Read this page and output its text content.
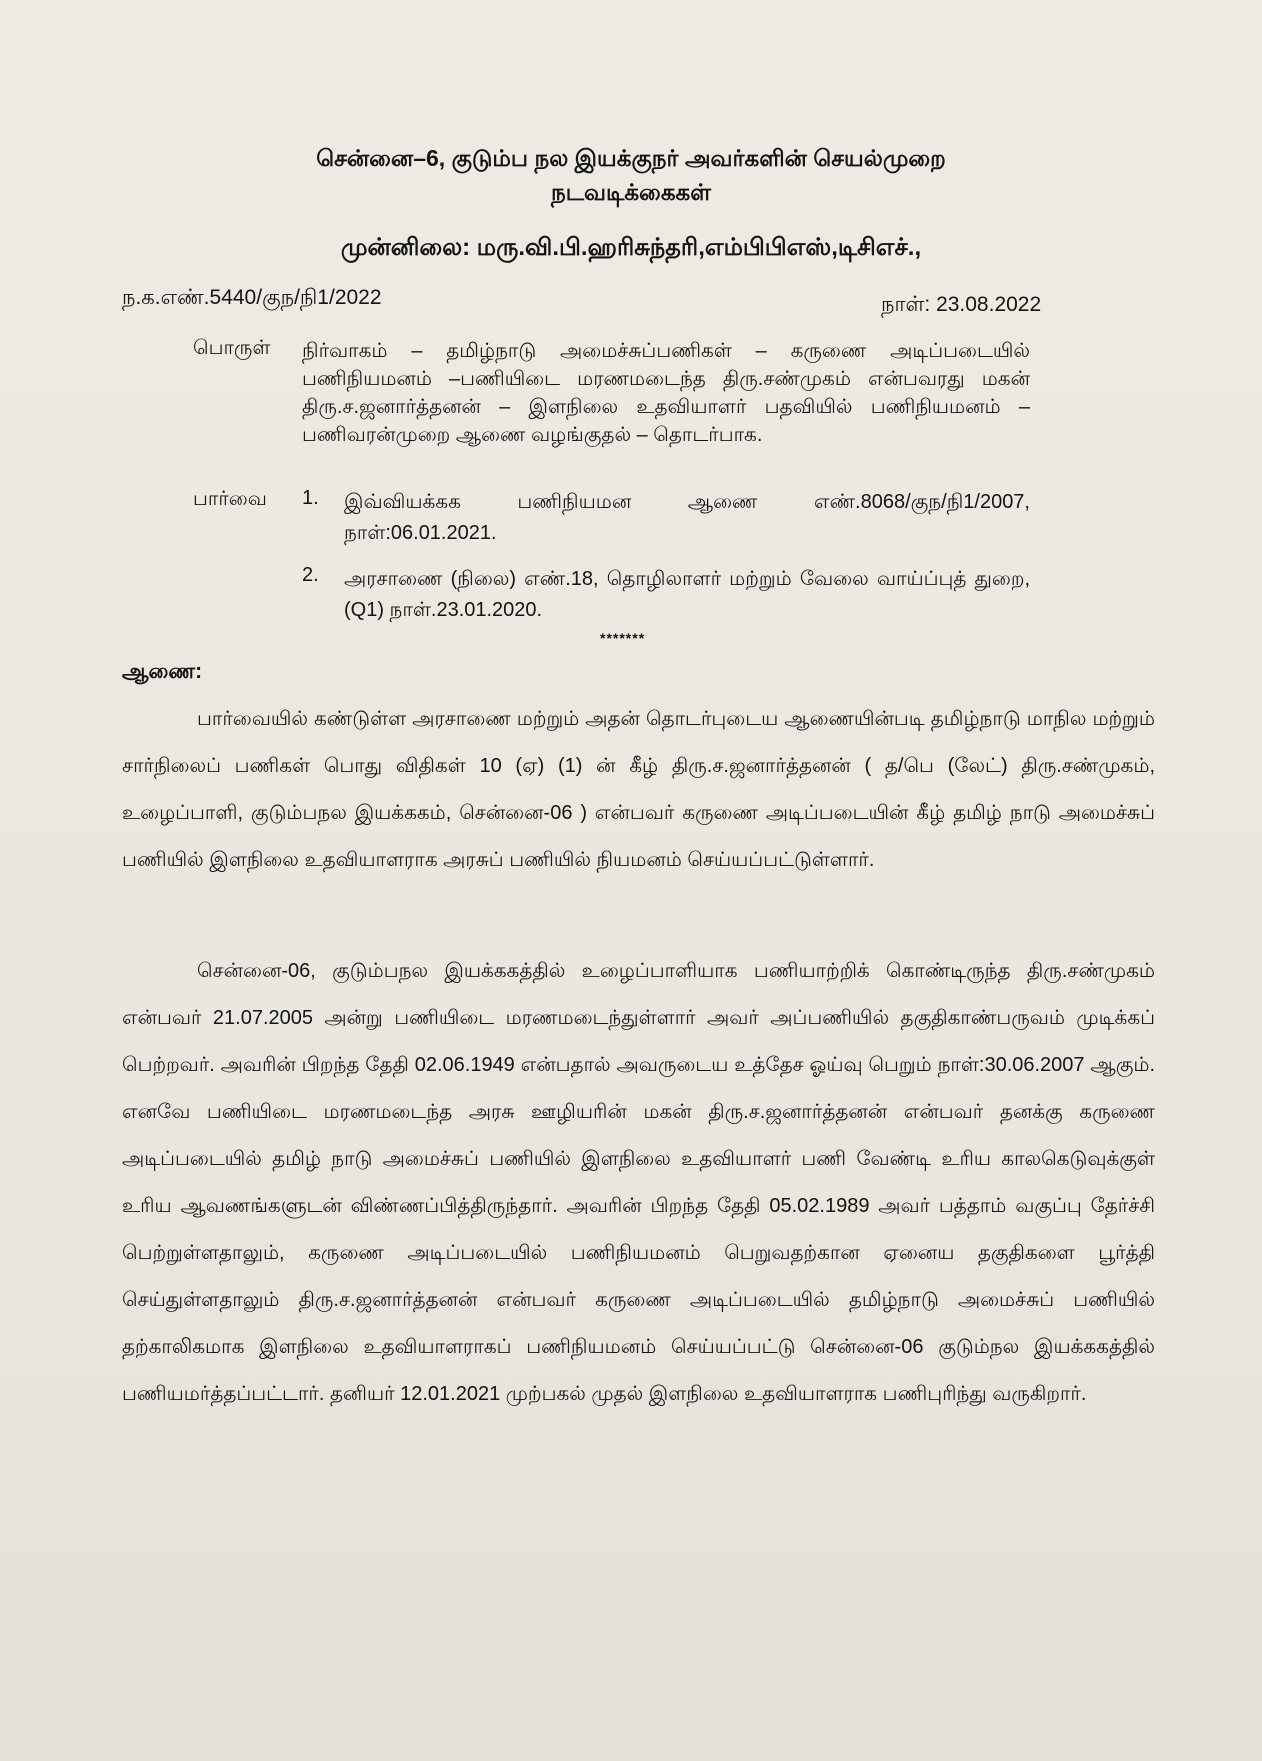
சென்னை–6, குடும்ப நல இயக்குநர் அவர்களின் செயல்முறை
நடவடிக்கைகள்
முன்னிலை: மரு.வி.பி.ஹரிசுந்தரி,எம்பிபிஎஸ்,டிசிஎச்.,
ந.க.எண்.5440/குந/நி1/2022	நாள்: 23.08.2022
பொருள் நிர்வாகம் – தமிழ்நாடு அமைச்சுப்பணிகள் – கருணை அடிப்படையில் பணிநியமனம் –பணியிடை மரணமடைந்த திரு.சண்முகம் என்பவரது மகன் திரு.ச.ஜனார்த்தனன் – இளநிலை உதவியாளர் பதவியில் பணிநியமனம் – பணிவரன்முறை ஆணை வழங்குதல் – தொடர்பாக.
பார்வை 1. இவ்வியக்கக பணிநியமன ஆணை எண்.8068/குந/நி1/2007, நாள்:06.01.2021.
2. அரசாணை (நிலை) எண்.18, தொழிலாளர் மற்றும் வேலை வாய்ப்புத் துறை, (Q1) நாள்.23.01.2020.
*******
ஆணை:
பார்வையில் கண்டுள்ள அரசாணை மற்றும் அதன் தொடர்புடைய ஆணையின்படி தமிழ்நாடு மாநில மற்றும் சார்நிலைப் பணிகள் பொது விதிகள் 10 (ஏ) (1) ன் கீழ் திரு.ச.ஜனார்த்தனன் ( த/பெ (லேட்) திரு.சண்முகம், உழைப்பாளி, குடும்பநல இயக்ககம், சென்னை-06 ) என்பவர் கருணை அடிப்படையின் கீழ் தமிழ் நாடு அமைச்சுப் பணியில் இளநிலை உதவியாளராக அரசுப் பணியில் நியமனம் செய்யப்பட்டுள்ளார்.
சென்னை-06, குடும்பநல இயக்ககத்தில் உழைப்பாளியாக பணியாற்றிக் கொண்டிருந்த திரு.சண்முகம் என்பவர் 21.07.2005 அன்று பணியிடை மரணமடைந்துள்ளார் அவர் அப்பணியில் தகுதிகாண்பருவம் முடிக்கப் பெற்றவர். அவரின் பிறந்த தேதி 02.06.1949 என்பதால் அவருடைய உத்தேச ஓய்வு பெறும் நாள்:30.06.2007 ஆகும். எனவே பணியிடை மரணமடைந்த அரசு ஊழியரின் மகன் திரு.ச.ஜனார்த்தனன் என்பவர் தனக்கு கருணை அடிப்படையில் தமிழ் நாடு அமைச்சுப் பணியில் இளநிலை உதவியாளர் பணி வேண்டி உரிய காலகெடுவுக்குள் உரிய ஆவணங்களுடன் விண்ணப்பித்திருந்தார். அவரின் பிறந்த தேதி 05.02.1989 அவர் பத்தாம் வகுப்பு தேர்ச்சி பெற்றுள்ளதாலும், கருணை அடிப்படையில் பணிநியமனம் பெறுவதற்கான ஏனைய தகுதிகளை பூர்த்தி செய்துள்ளதாலும் திரு.ச.ஜனார்த்தனன் என்பவர் கருணை அடிப்படையில் தமிழ்நாடு அமைச்சுப் பணியில் தற்காலிகமாக இளநிலை உதவியாளராகப் பணிநியமனம் செய்யப்பட்டு சென்னை-06 குடும்நல இயக்ககத்தில் பணியமர்த்தப்பட்டார். தனியர் 12.01.2021 முற்பகல் முதல் இளநிலை உதவியாளராக பணிபுரிந்து வருகிறார்.
